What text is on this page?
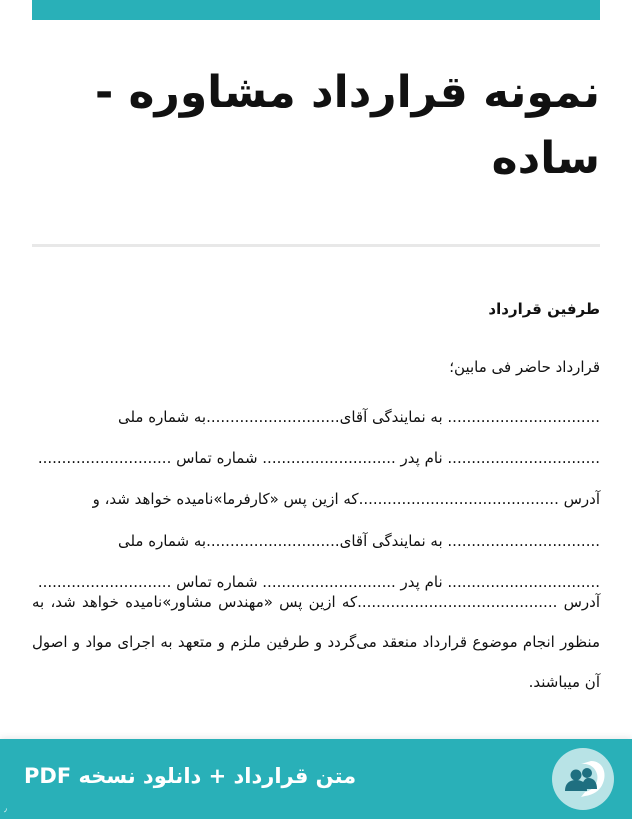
نمونه قرارداد مشاوره - ساده
طرفین قرارداد
قرارداد حاضر فی مابین؛
................................ به نمایندگی آقای............................به شماره ملی
................................ نام پدر ............................ شماره تماس ............................
آدرس ..........................................که ازین پس «کارفرما»نامیده خواهد شد، و
................................ به نمایندگی آقای............................به شماره ملی
................................ نام پدر ............................ شماره تماس ............................
آدرس ..........................................که ازین پس «مهندس مشاور»نامیده خواهد شد، به منظور انجام موضوع قرارداد منعقد می‌گردد و طرفین ملزم و متعهد به اجرای مواد و اصول آن میباشند.
متن قرارداد + دانلود نسخه PDF
٫
